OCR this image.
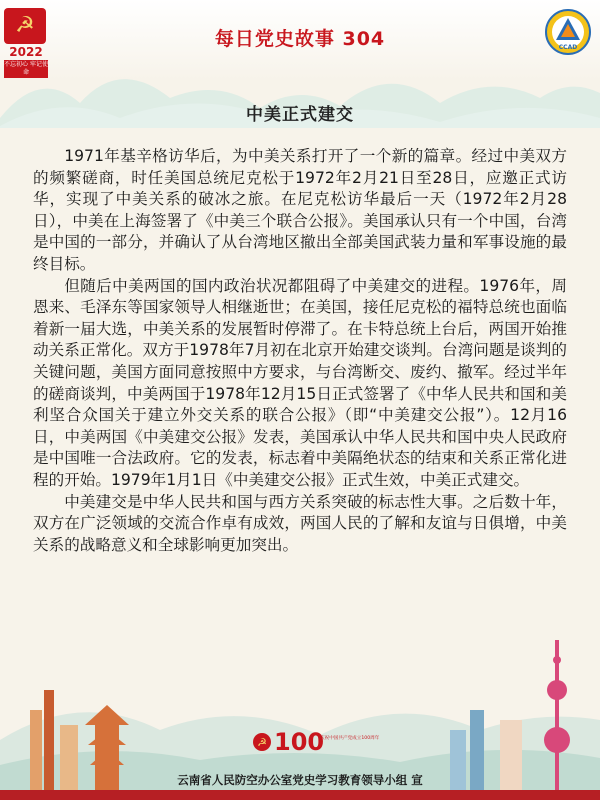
☭
2022
不忘初心 牢记使命
CCAD
每日党史故事 304
中美正式建交

1971年基辛格访华后，为中美关系打开了一个新的篇章。经过中美双方的频繁磋商，时任美国总统尼克松于1972年2月21日至28日，应邀正式访华，实现了中美关系的破冰之旅。在尼克松访华最后一天（1972年2月28日），中美在上海签署了《中美三个联合公报》。美国承认只有一个中国，台湾是中国的一部分，并确认了从台湾地区撤出全部美国武装力量和军事设施的最终目标。

但随后中美两国的国内政治状况都阻碍了中美建交的进程。1976年，周恩来、毛泽东等国家领导人相继逝世；在美国，接任尼克松的福特总统也面临着新一届大选，中美关系的发展暂时停滞了。在卡特总统上台后，两国开始推动关系正常化。双方于1978年7月初在北京开始建交谈判。台湾问题是谈判的关键问题，美国方面同意按照中方要求，与台湾断交、废约、撤军。经过半年的磋商谈判，中美两国于1978年12月15日正式签署了《中华人民共和国和美利坚合众国关于建立外交关系的联合公报》（即“中美建交公报”）。12月16日，中美两国《中美建交公报》发表，美国承认中华人民共和国中央人民政府是中国唯一合法政府。它的发表，标志着中美隔绝状态的结束和关系正常化进程的开始。1979年1月1日《中美建交公报》正式生效，中美正式建交。

中美建交是中华人民共和国与西方关系突破的标志性大事。之后数十年，双方在广泛领域的交流合作卓有成效，两国人民的了解和友谊与日俱增，中美关系的战略意义和全球影响更加突出。

☭ 100
庆祝中国共产党成立100周年
云南省人民防空办公室党史学习教育领导小组 宣
